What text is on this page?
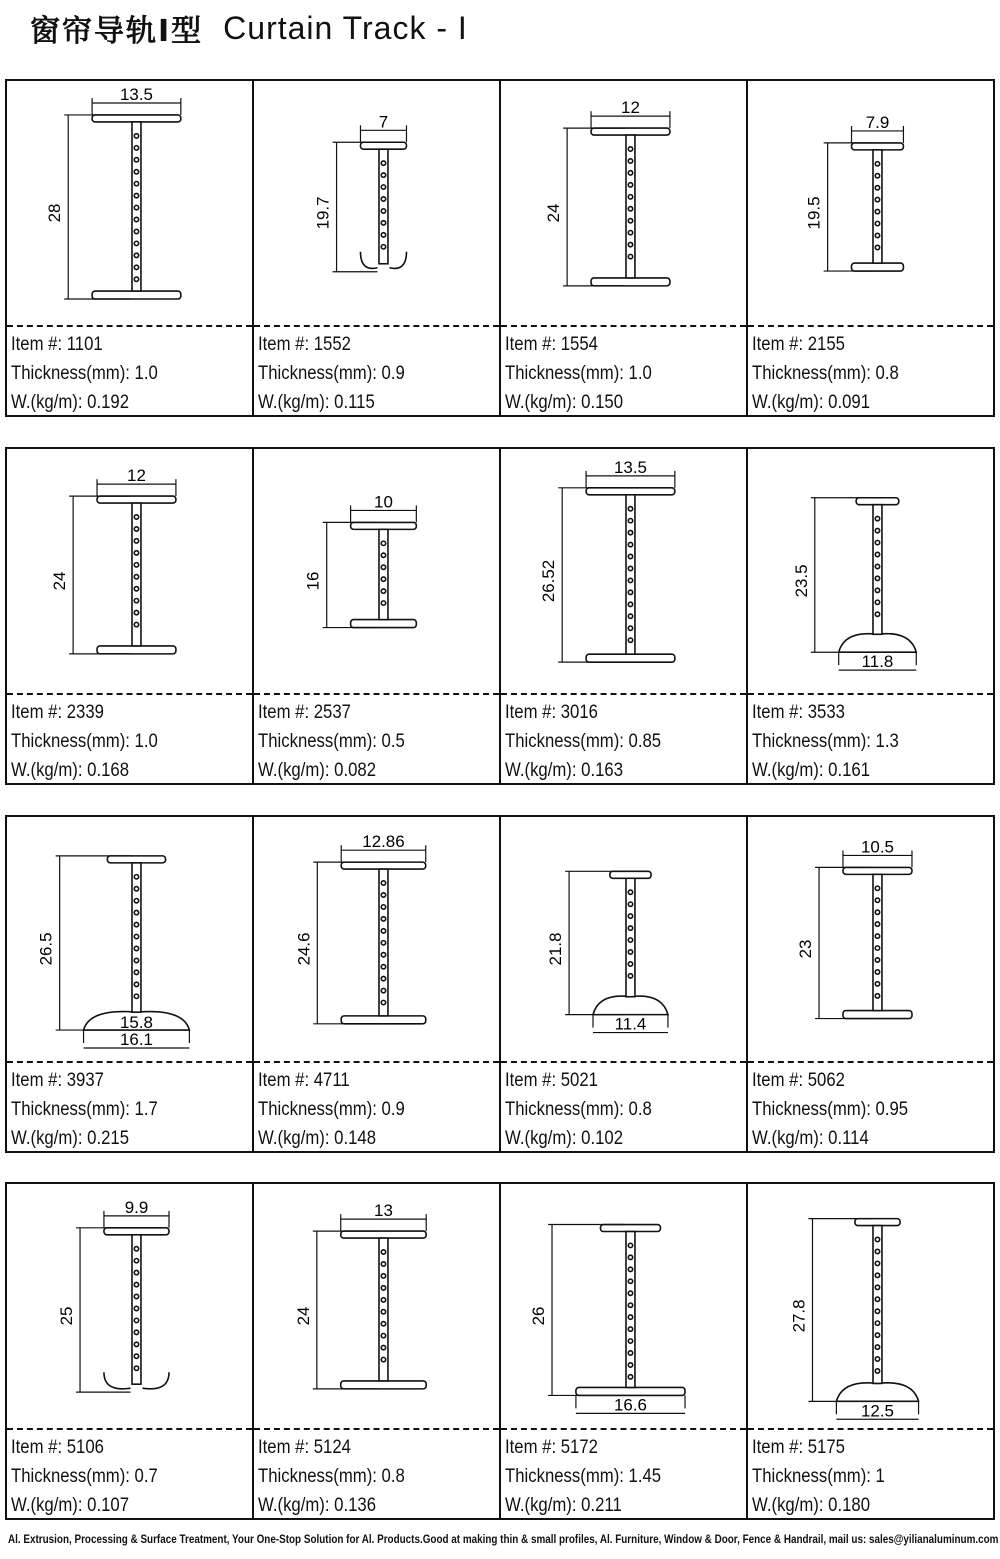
窗帘导轨I型 Curtain Track - I
28
13.5
Item #: 1101
Thickness(mm): 1.0
W.(kg/m): 0.192
19.7
7
Item #: 1552
Thickness(mm): 0.9
W.(kg/m): 0.115
24
12
Item #: 1554
Thickness(mm): 1.0
W.(kg/m): 0.150
19.5
7.9
Item #: 2155
Thickness(mm): 0.8
W.(kg/m): 0.091
24
12
Item #: 2339
Thickness(mm): 1.0
W.(kg/m): 0.168
16
10
Item #: 2537
Thickness(mm): 0.5
W.(kg/m): 0.082
26.52
13.5
Item #: 3016
Thickness(mm): 0.85
W.(kg/m): 0.163
23.5
11.8
Item #: 3533
Thickness(mm): 1.3
W.(kg/m): 0.161
26.5
16.1
15.8
Item #: 3937
Thickness(mm): 1.7
W.(kg/m): 0.215
24.6
12.86
Item #: 4711
Thickness(mm): 0.9
W.(kg/m): 0.148
21.8
11.4
Item #: 5021
Thickness(mm): 0.8
W.(kg/m): 0.102
23
10.5
Item #: 5062
Thickness(mm): 0.95
W.(kg/m): 0.114
25
9.9
Item #: 5106
Thickness(mm): 0.7
W.(kg/m): 0.107
24
13
Item #: 5124
Thickness(mm): 0.8
W.(kg/m): 0.136
26
16.6
Item #: 5172
Thickness(mm): 1.45
W.(kg/m): 0.211
27.8
12.5
Item #: 5175
Thickness(mm): 1
W.(kg/m): 0.180
Al. Extrusion, Processing & Surface Treatment, Your One-Stop Solution for Al. Products.Good at making thin & small profiles, Al. Furniture, Window & Door, Fence & Handrail, mail us: sales@yilianaluminum.com
